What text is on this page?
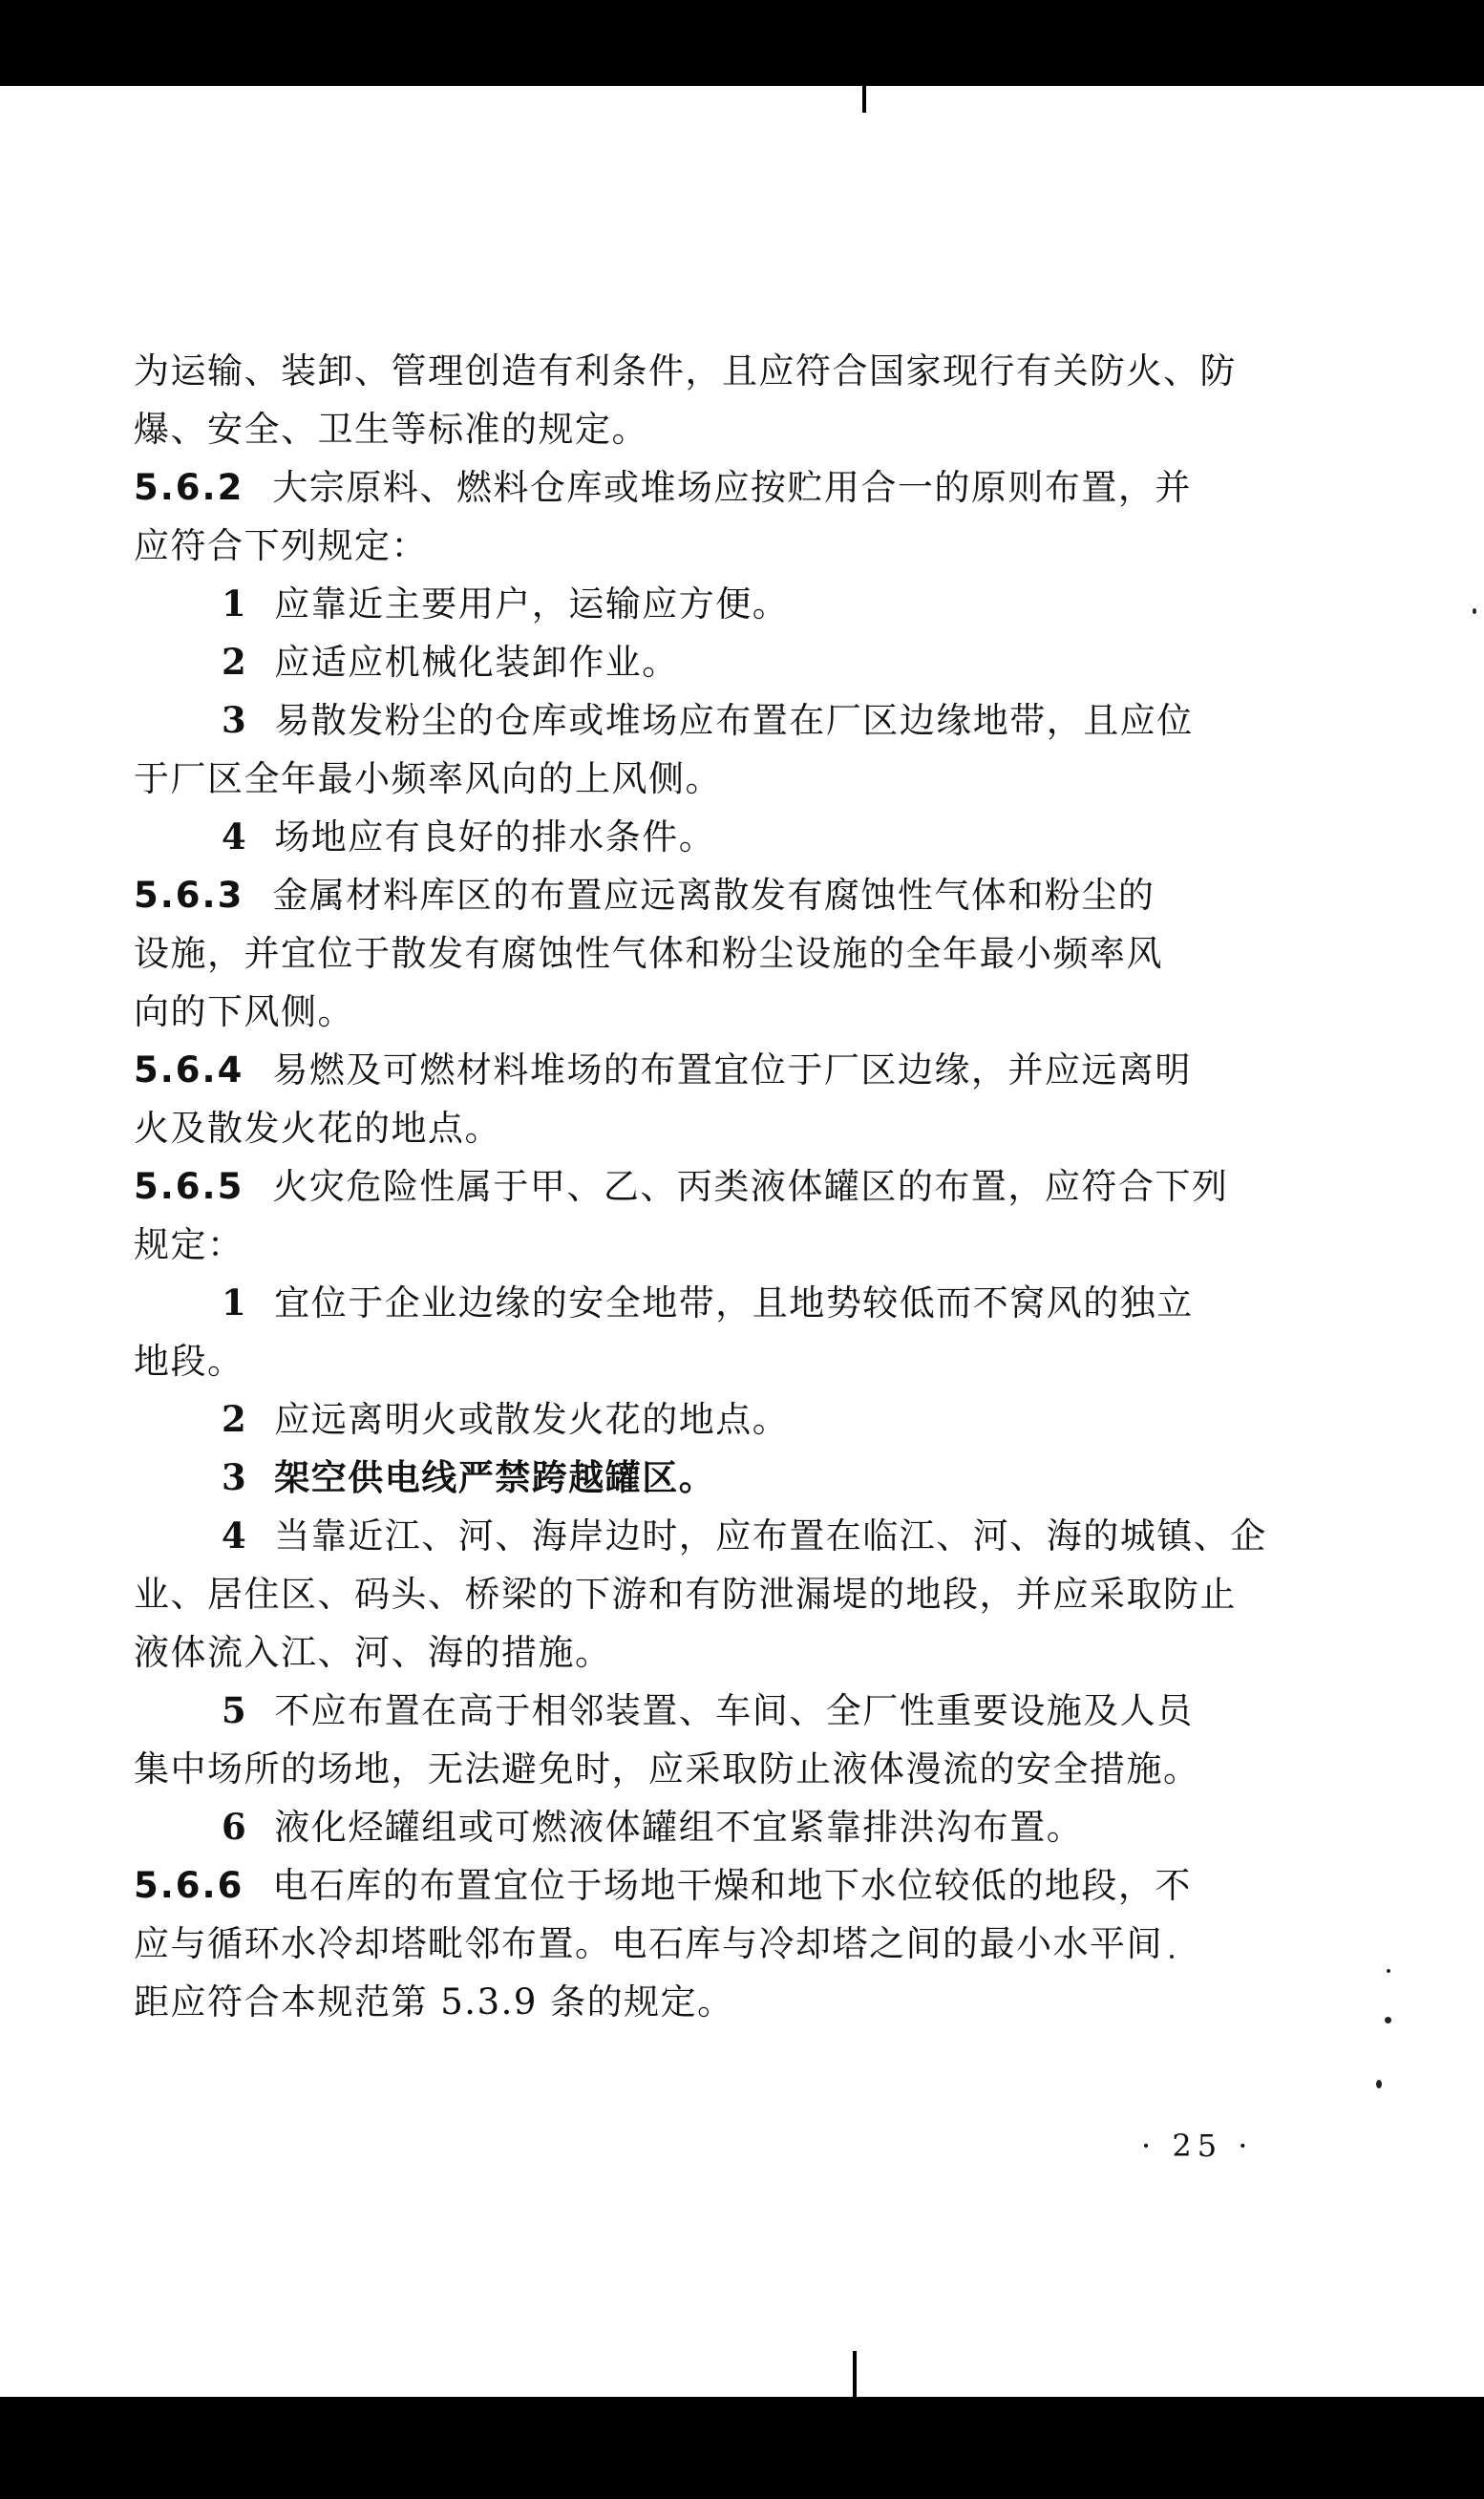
为运输、装卸、管理创造有利条件，且应符合国家现行有关防火、防

爆、安全、卫生等标准的规定。

5.6.2 大宗原料、燃料仓库或堆场应按贮用合一的原则布置，并

应符合下列规定：

1 应靠近主要用户，运输应方便。

2 应适应机械化装卸作业。

3 易散发粉尘的仓库或堆场应布置在厂区边缘地带，且应位

于厂区全年最小频率风向的上风侧。

4 场地应有良好的排水条件。

5.6.3 金属材料库区的布置应远离散发有腐蚀性气体和粉尘的

设施，并宜位于散发有腐蚀性气体和粉尘设施的全年最小频率风

向的下风侧。

5.6.4 易燃及可燃材料堆场的布置宜位于厂区边缘，并应远离明

火及散发火花的地点。

5.6.5 火灾危险性属于甲、乙、丙类液体罐区的布置，应符合下列

规定：

1 宜位于企业边缘的安全地带，且地势较低而不窝风的独立

地段。

2 应远离明火或散发火花的地点。

3 架空供电线严禁跨越罐区。

4 当靠近江、河、海岸边时，应布置在临江、河、海的城镇、企

业、居住区、码头、桥梁的下游和有防泄漏堤的地段，并应采取防止

液体流入江、河、海的措施。

5 不应布置在高于相邻装置、车间、全厂性重要设施及人员

集中场所的场地，无法避免时，应采取防止液体漫流的安全措施。

6 液化烃罐组或可燃液体罐组不宜紧靠排洪沟布置。

5.6.6 电石库的布置宜位于场地干燥和地下水位较低的地段，不

应与循环水冷却塔毗邻布置。电石库与冷却塔之间的最小水平间

距应符合本规范第 5.3.9 条的规定。

· 25 ·
